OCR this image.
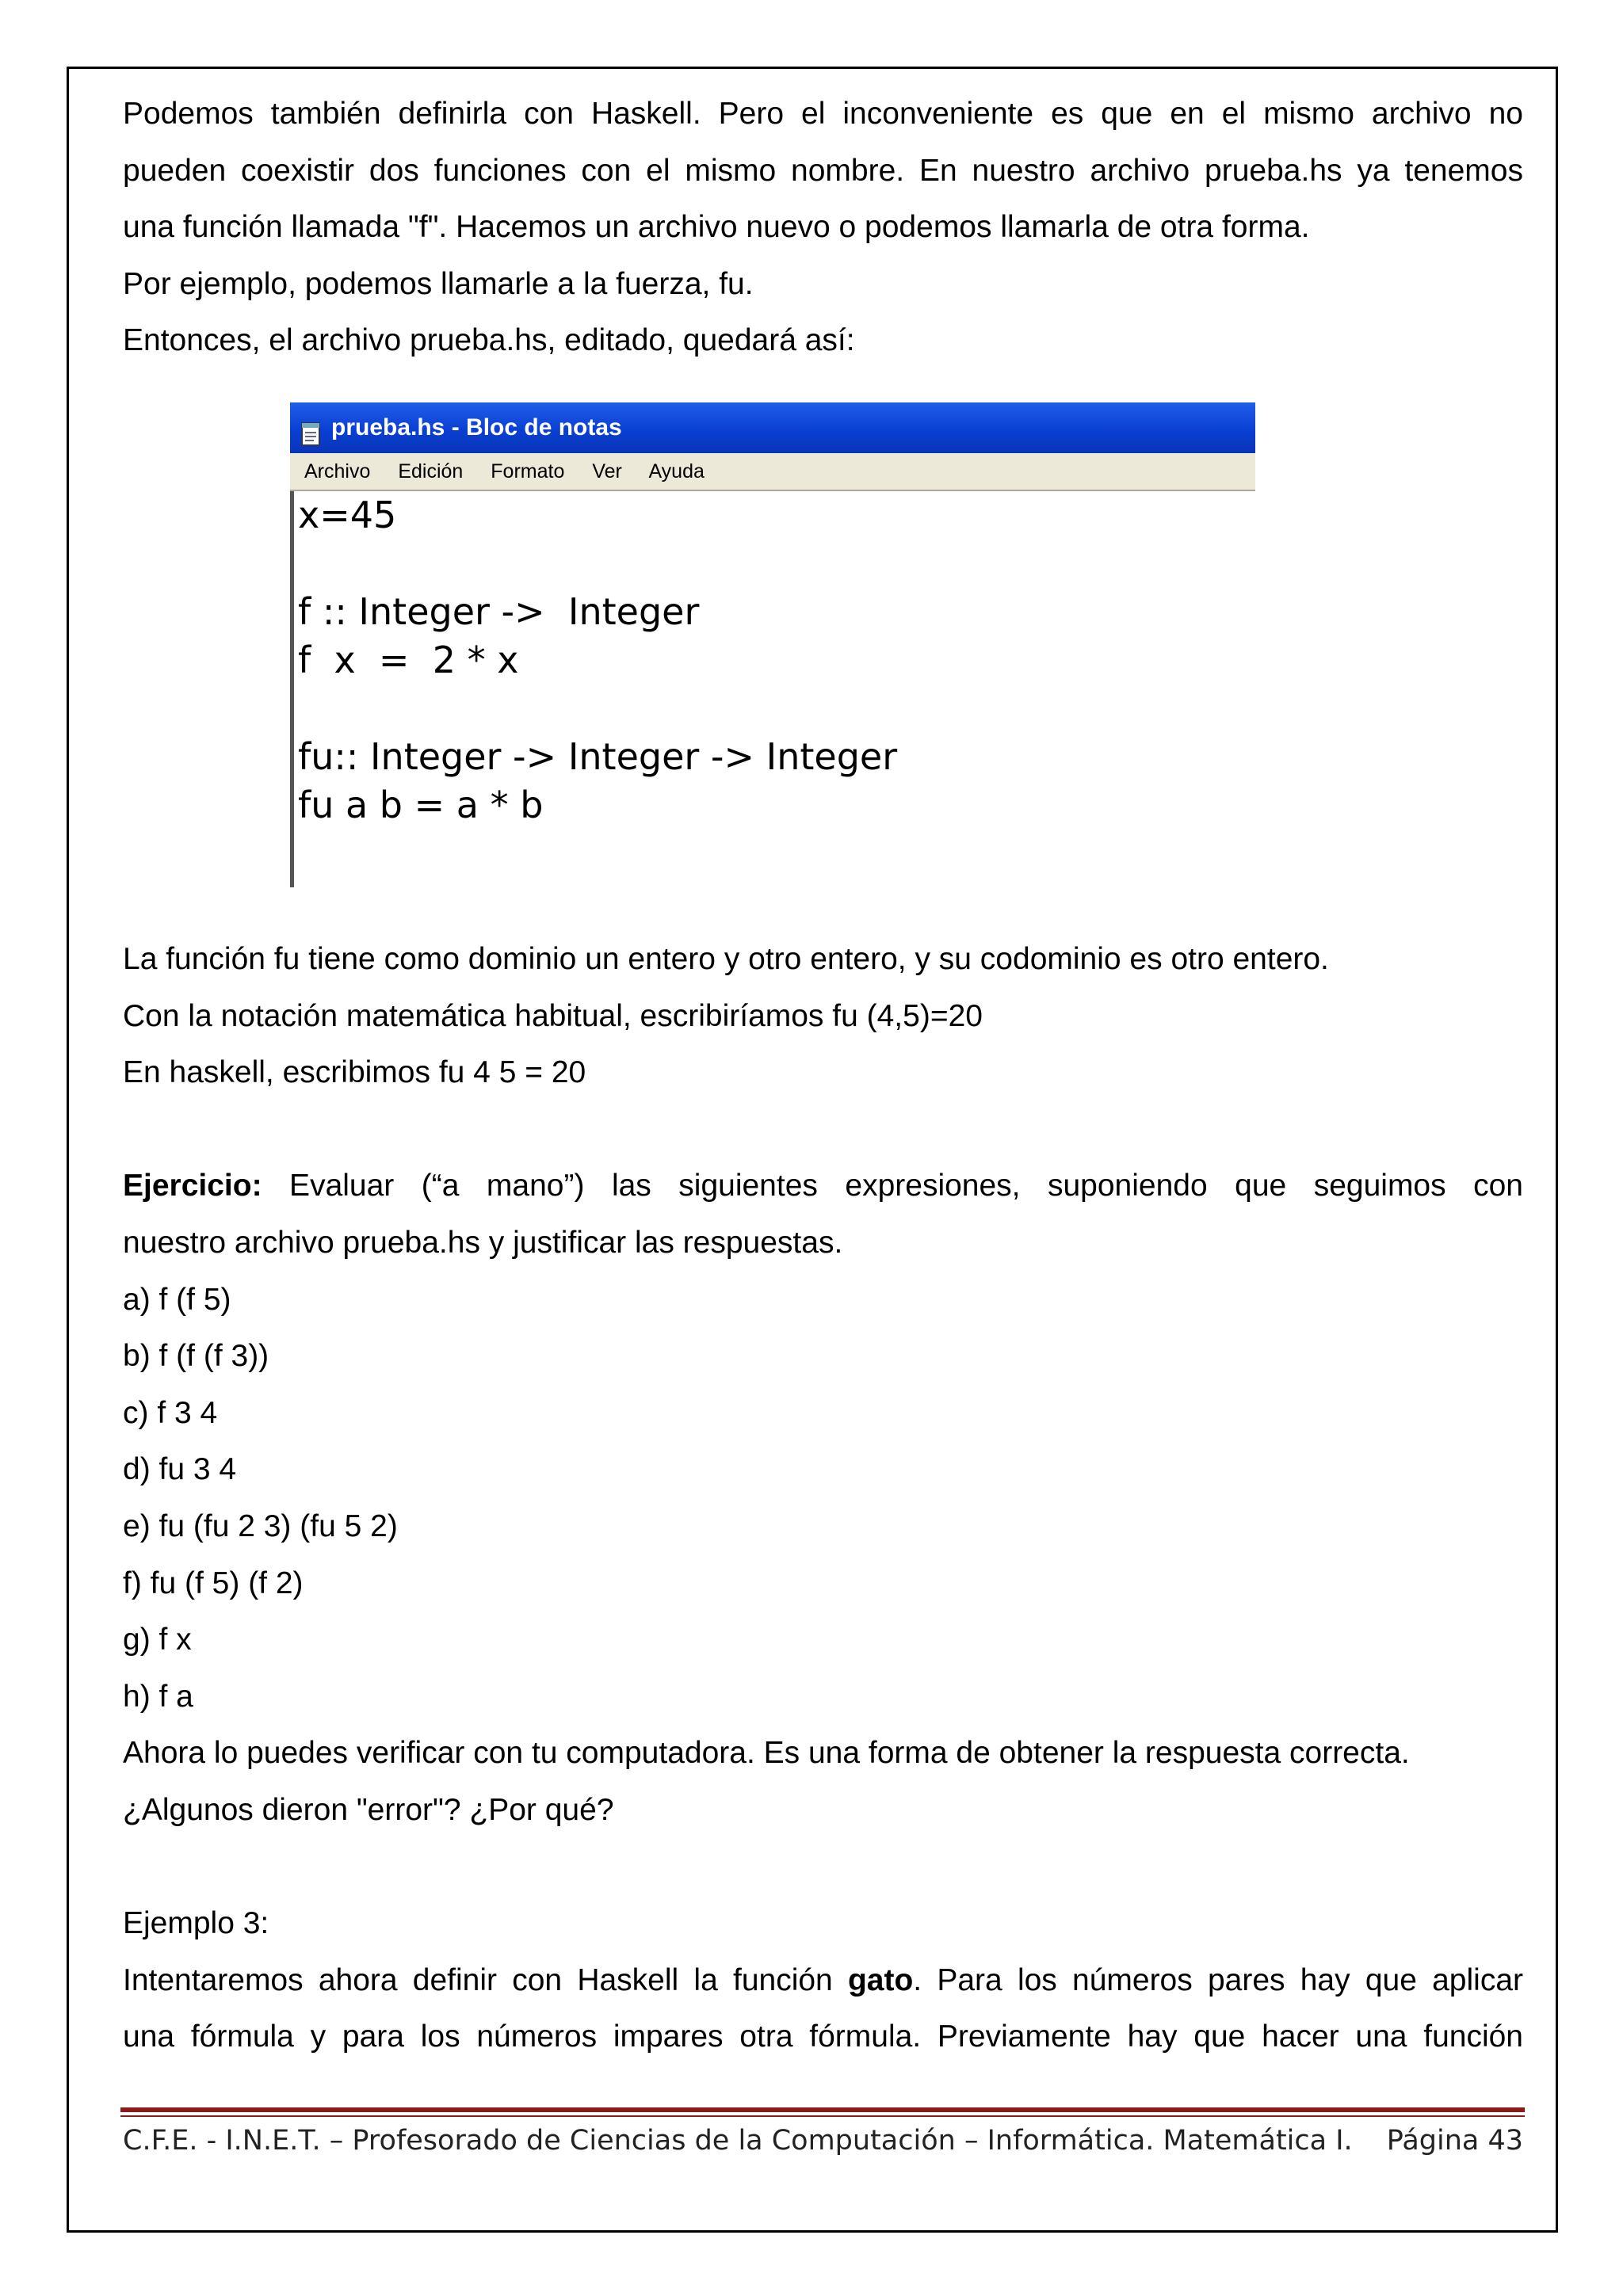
Podemos también definirla con Haskell. Pero el inconveniente es que en el mismo archivo no
pueden coexistir dos funciones con el mismo nombre. En nuestro archivo prueba.hs ya tenemos
una función llamada "f". Hacemos un archivo nuevo o podemos llamarla de otra forma.
Por ejemplo, podemos llamarle a la fuerza, fu.
Entonces, el archivo prueba.hs, editado, quedará así:
prueba.hs - Bloc de notas
Archivo Edición Formato Ver Ayuda
x=45
f :: Integer ->  Integer
f  x  =  2 * x
fu:: Integer -> Integer -> Integer
fu a b = a * b
La función fu tiene como dominio un entero y otro entero, y su codominio es otro entero.
Con la notación matemática habitual, escribiríamos fu (4,5)=20
En haskell, escribimos fu 4 5 = 20
Ejercicio: Evaluar (“a mano”) las siguientes expresiones, suponiendo que seguimos con
nuestro archivo prueba.hs y justificar las respuestas.
a) f (f 5)
b) f (f (f 3))
c) f 3 4
d) fu 3 4
e) fu (fu 2 3) (fu 5 2)
f) fu (f 5) (f 2)
g) f x
h) f a
Ahora lo puedes verificar con tu computadora. Es una forma de obtener la respuesta correcta.
¿Algunos dieron "error"? ¿Por qué?
Ejemplo 3:
Intentaremos ahora definir con Haskell la función gato. Para los números pares hay que aplicar
una fórmula y para los números impares otra fórmula. Previamente hay que hacer una función
C.F.E. - I.N.E.T. – Profesorado de Ciencias de la Computación – Informática. Matemática I. Página 43
